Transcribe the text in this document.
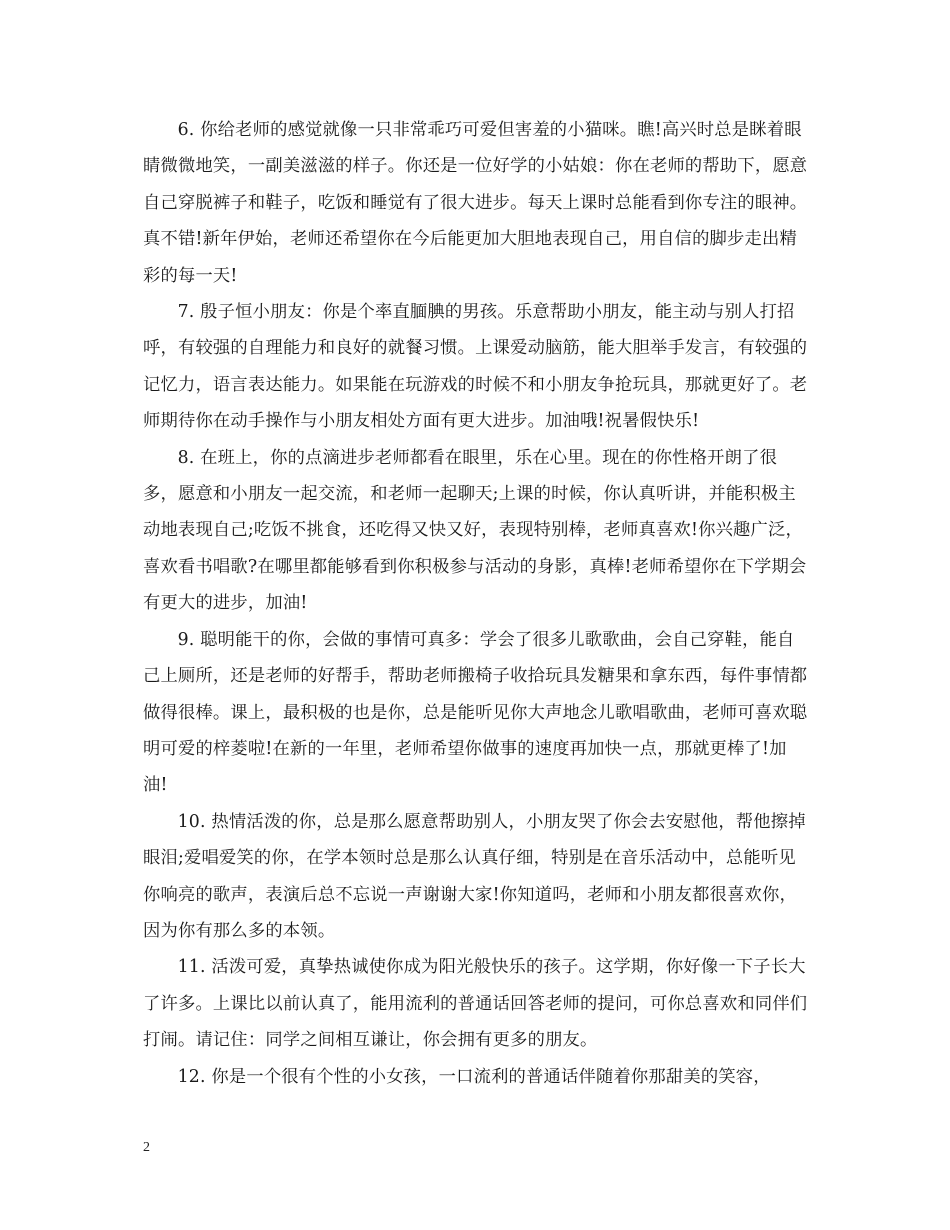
6. 你给老师的感觉就像一只非常乖巧可爱但害羞的小猫咪。瞧!高兴时总是眯着眼睛微微地笑，一副美滋滋的样子。你还是一位好学的小姑娘：你在老师的帮助下，愿意自己穿脱裤子和鞋子，吃饭和睡觉有了很大进步。每天上课时总能看到你专注的眼神。真不错!新年伊始，老师还希望你在今后能更加大胆地表现自己，用自信的脚步走出精彩的每一天!

7. 殷子恒小朋友：你是个率直腼腆的男孩。乐意帮助小朋友，能主动与别人打招呼，有较强的自理能力和良好的就餐习惯。上课爱动脑筋，能大胆举手发言，有较强的记忆力，语言表达能力。如果能在玩游戏的时候不和小朋友争抢玩具，那就更好了。老师期待你在动手操作与小朋友相处方面有更大进步。加油哦!祝暑假快乐!

8. 在班上，你的点滴进步老师都看在眼里，乐在心里。现在的你性格开朗了很多，愿意和小朋友一起交流，和老师一起聊天;上课的时候，你认真听讲，并能积极主动地表现自己;吃饭不挑食，还吃得又快又好，表现特别棒，老师真喜欢!你兴趣广泛，喜欢看书唱歌?在哪里都能够看到你积极参与活动的身影，真棒!老师希望你在下学期会有更大的进步，加油!

9. 聪明能干的你，会做的事情可真多：学会了很多儿歌歌曲，会自己穿鞋，能自己上厕所，还是老师的好帮手，帮助老师搬椅子收拾玩具发糖果和拿东西，每件事情都做得很棒。课上，最积极的也是你，总是能听见你大声地念儿歌唱歌曲，老师可喜欢聪明可爱的梓菱啦!在新的一年里，老师希望你做事的速度再加快一点，那就更棒了!加油!

10. 热情活泼的你，总是那么愿意帮助别人，小朋友哭了你会去安慰他，帮他擦掉眼泪;爱唱爱笑的你，在学本领时总是那么认真仔细，特别是在音乐活动中，总能听见你响亮的歌声，表演后总不忘说一声谢谢大家!你知道吗，老师和小朋友都很喜欢你，因为你有那么多的本领。

11. 活泼可爱，真挚热诚使你成为阳光般快乐的孩子。这学期，你好像一下子长大了许多。上课比以前认真了，能用流利的普通话回答老师的提问，可你总喜欢和同伴们打闹。请记住：同学之间相互谦让，你会拥有更多的朋友。

12. 你是一个很有个性的小女孩，一口流利的普通话伴随着你那甜美的笑容，

2
